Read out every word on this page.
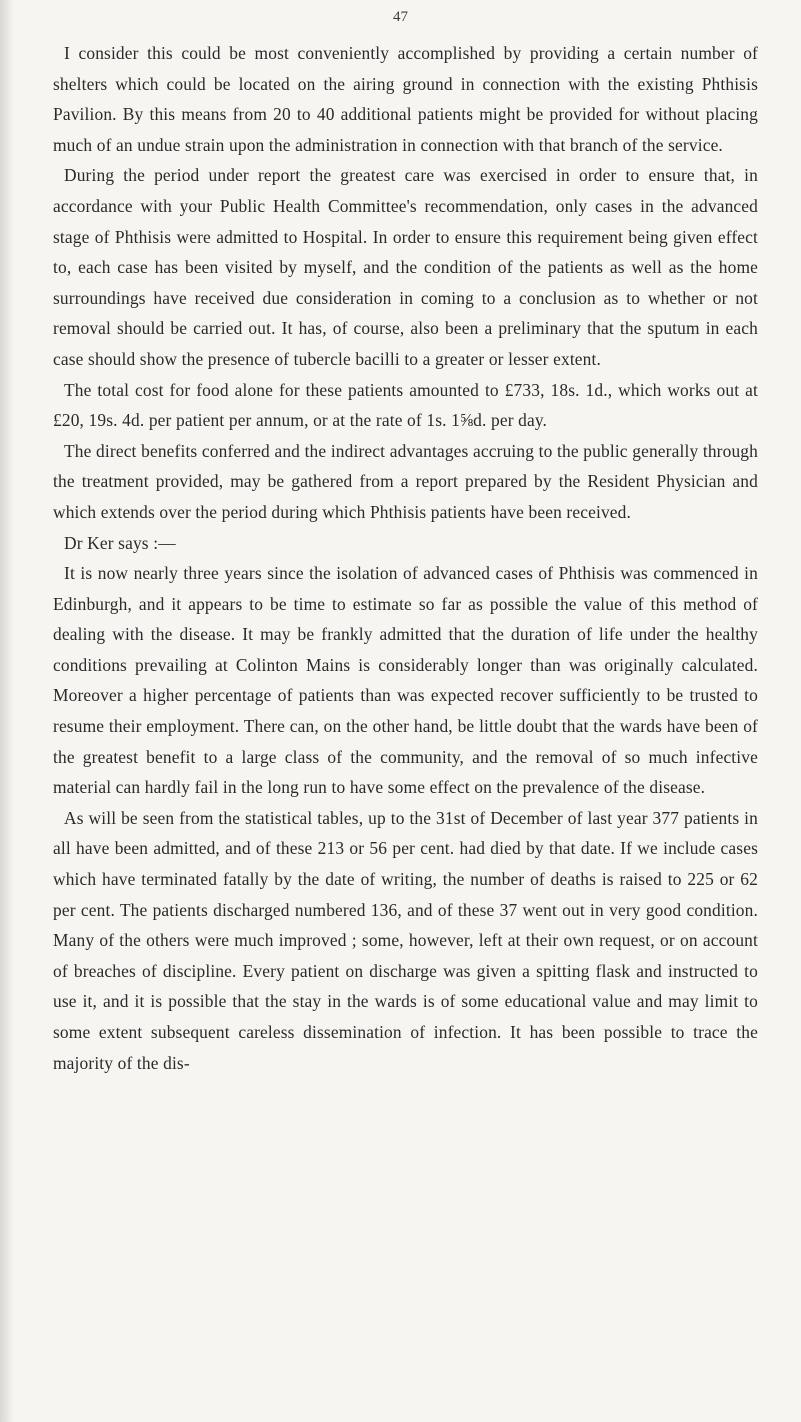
47

I consider this could be most conveniently accomplished by providing a certain number of shelters which could be located on the airing ground in connection with the existing Phthisis Pavilion. By this means from 20 to 40 additional patients might be provided for without placing much of an undue strain upon the administration in connection with that branch of the service.

During the period under report the greatest care was exercised in order to ensure that, in accordance with your Public Health Committee's recommendation, only cases in the advanced stage of Phthisis were admitted to Hospital. In order to ensure this requirement being given effect to, each case has been visited by myself, and the condition of the patients as well as the home surroundings have received due consideration in coming to a conclusion as to whether or not removal should be carried out. It has, of course, also been a preliminary that the sputum in each case should show the presence of tubercle bacilli to a greater or lesser extent.

The total cost for food alone for these patients amounted to £733, 18s. 1d., which works out at £20, 19s. 4d. per patient per annum, or at the rate of 1s. 1⅝d. per day.

The direct benefits conferred and the indirect advantages accruing to the public generally through the treatment provided, may be gathered from a report prepared by the Resident Physician and which extends over the period during which Phthisis patients have been received.

Dr Ker says :—

It is now nearly three years since the isolation of advanced cases of Phthisis was commenced in Edinburgh, and it appears to be time to estimate so far as possible the value of this method of dealing with the disease. It may be frankly admitted that the duration of life under the healthy conditions prevailing at Colinton Mains is considerably longer than was originally calculated. Moreover a higher percentage of patients than was expected recover sufficiently to be trusted to resume their employment. There can, on the other hand, be little doubt that the wards have been of the greatest benefit to a large class of the community, and the removal of so much infective material can hardly fail in the long run to have some effect on the prevalence of the disease.

As will be seen from the statistical tables, up to the 31st of December of last year 377 patients in all have been admitted, and of these 213 or 56 per cent. had died by that date. If we include cases which have terminated fatally by the date of writing, the number of deaths is raised to 225 or 62 per cent. The patients discharged numbered 136, and of these 37 went out in very good condition. Many of the others were much improved ; some, however, left at their own request, or on account of breaches of discipline. Every patient on discharge was given a spitting flask and instructed to use it, and it is possible that the stay in the wards is of some educational value and may limit to some extent subsequent careless dissemination of infection. It has been possible to trace the majority of the dis-
